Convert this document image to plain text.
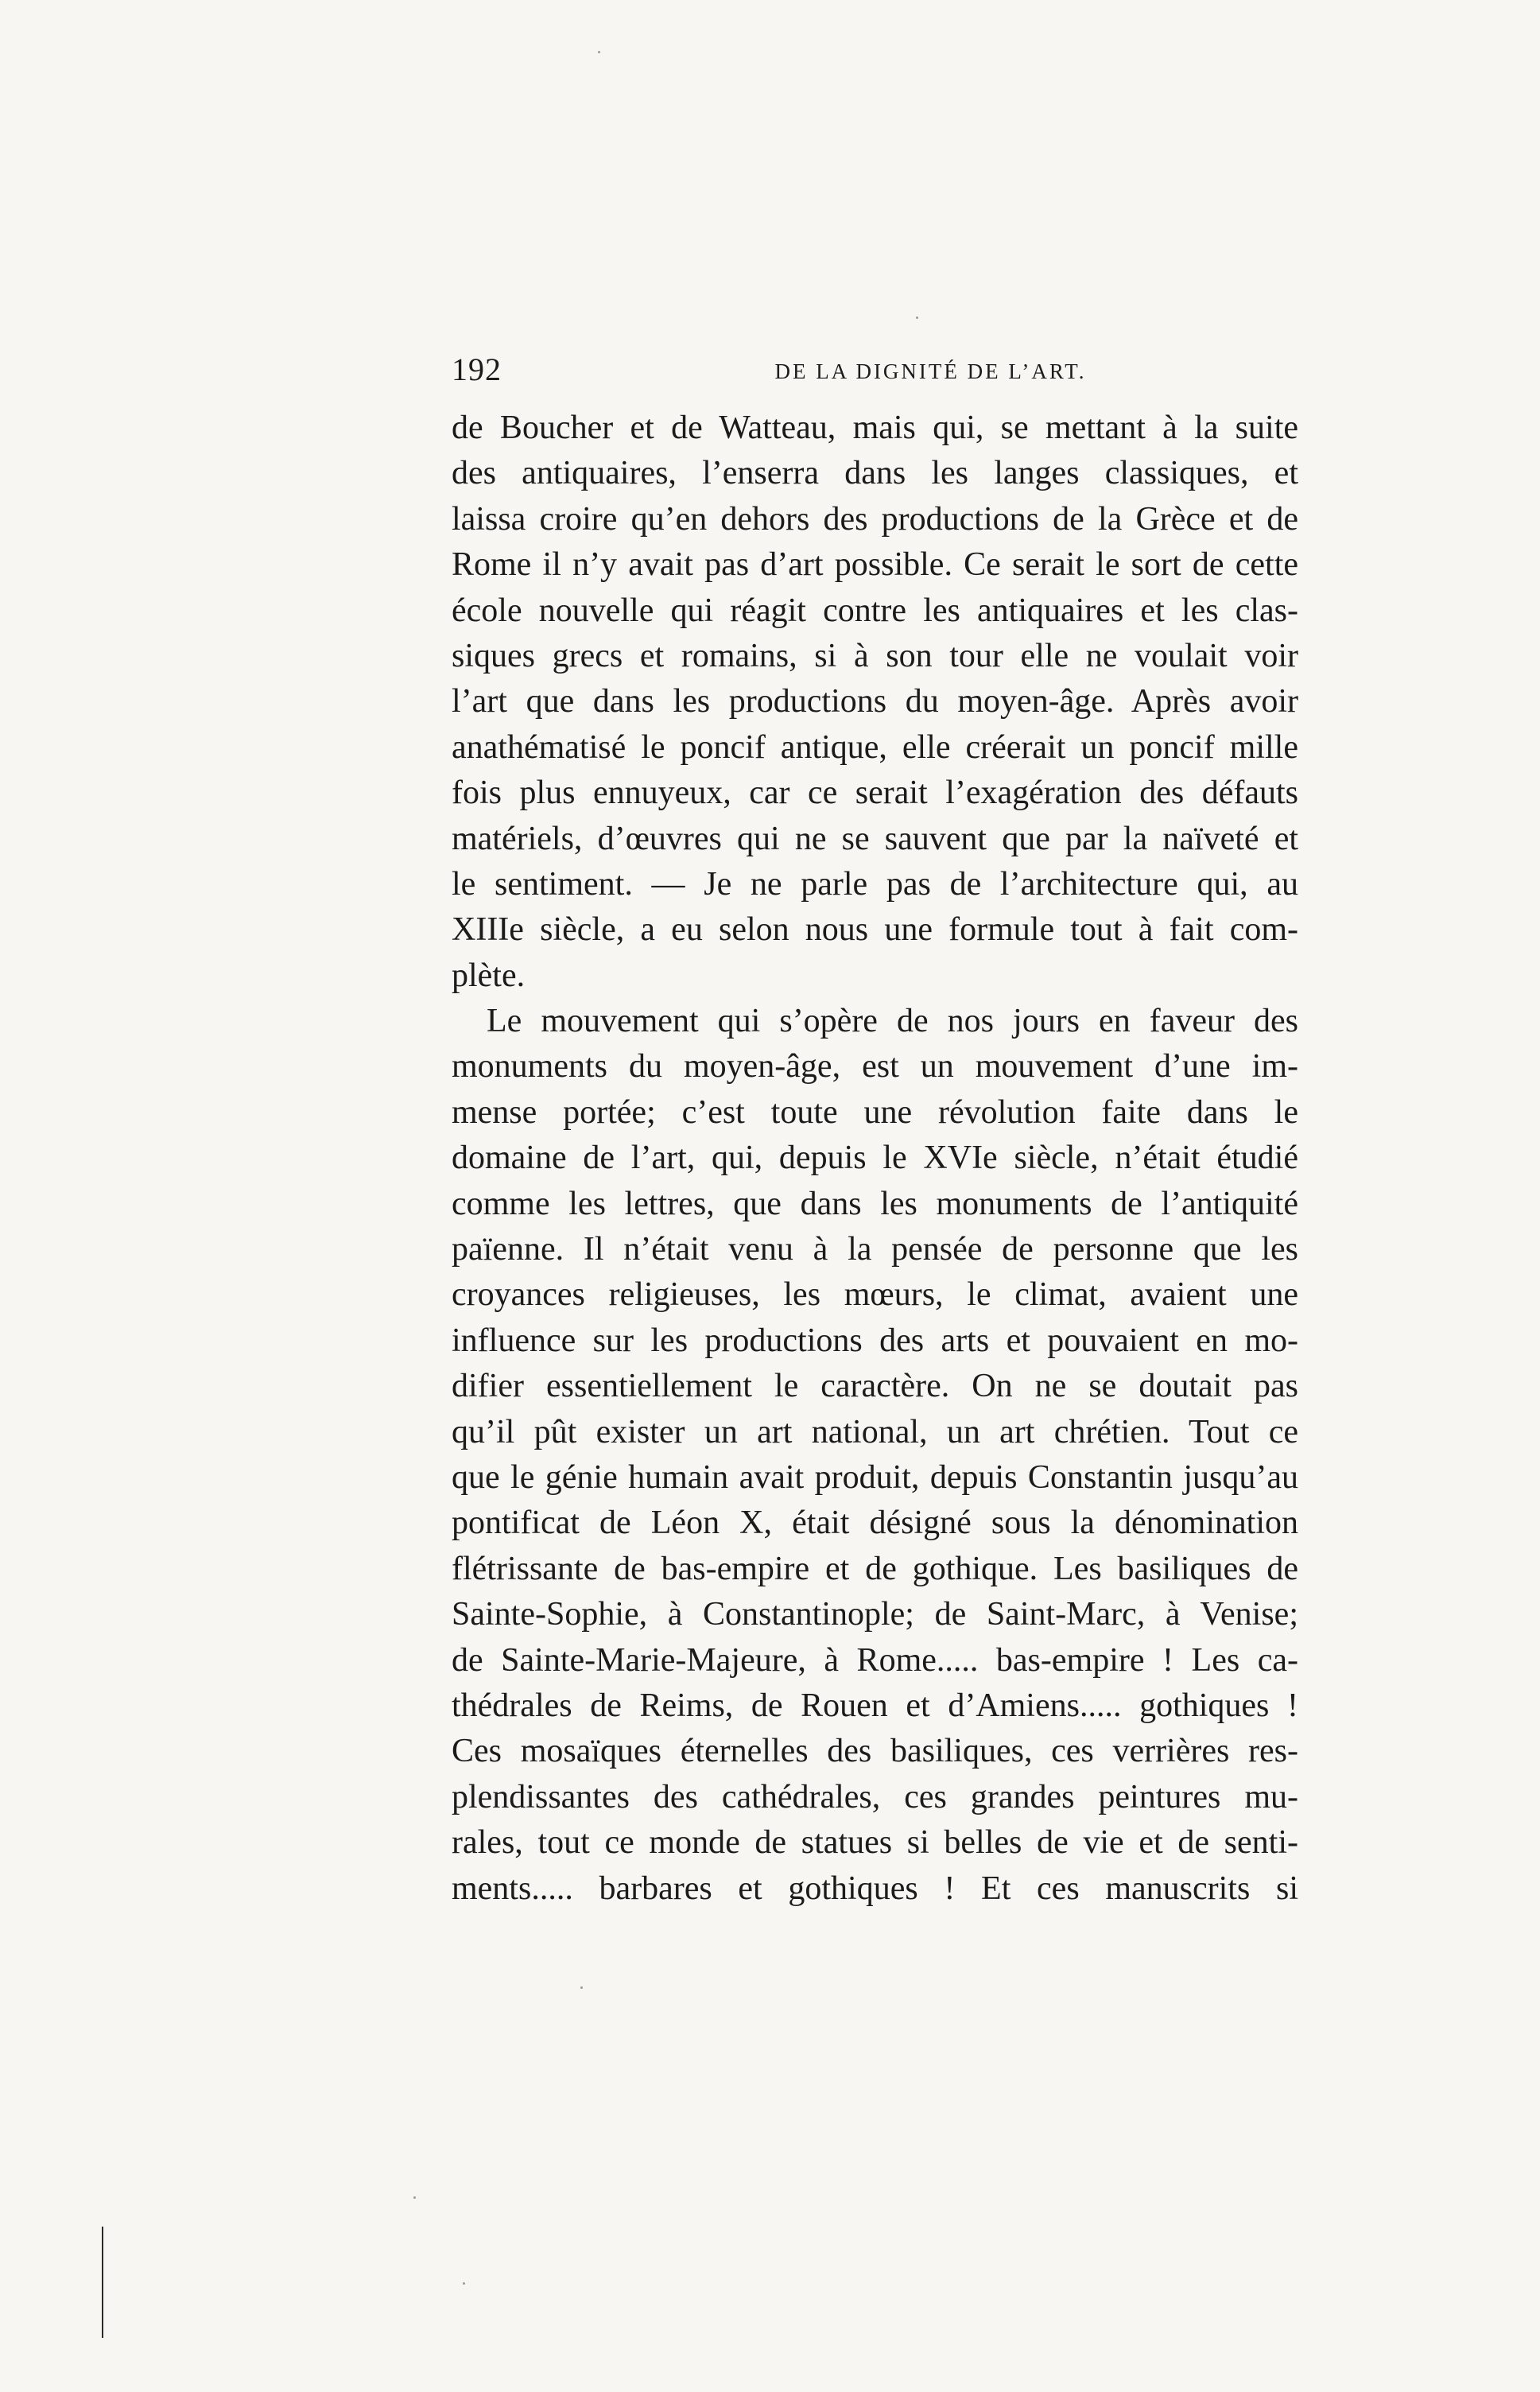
192	DE LA DIGNITÉ DE L’ART.
de Boucher et de Watteau, mais qui, se mettant à la suite
des antiquaires, l’enserra dans les langes classiques, et
laissa croire qu’en dehors des productions de la Grèce et de
Rome il n’y avait pas d’art possible. Ce serait le sort de cette
école nouvelle qui réagit contre les antiquaires et les clas-
siques grecs et romains, si à son tour elle ne voulait voir
l’art que dans les productions du moyen-âge. Après avoir
anathématisé le poncif antique, elle créerait un poncif mille
fois plus ennuyeux, car ce serait l’exagération des défauts
matériels, d’œuvres qui ne se sauvent que par la naïveté et
le sentiment. — Je ne parle pas de l’architecture qui, au
XIIIe siècle, a eu selon nous une formule tout à fait com-
plète.
Le mouvement qui s’opère de nos jours en faveur des
monuments du moyen-âge, est un mouvement d’une im-
mense portée; c’est toute une révolution faite dans le
domaine de l’art, qui, depuis le XVIe siècle, n’était étudié
comme les lettres, que dans les monuments de l’antiquité
païenne. Il n’était venu à la pensée de personne que les
croyances religieuses, les mœurs, le climat, avaient une
influence sur les productions des arts et pouvaient en mo-
difier essentiellement le caractère. On ne se doutait pas
qu’il pût exister un art national, un art chrétien. Tout ce
que le génie humain avait produit, depuis Constantin jusqu’au
pontificat de Léon X, était désigné sous la dénomination
flétrissante de bas-empire et de gothique. Les basiliques de
Sainte-Sophie, à Constantinople; de Saint-Marc, à Venise;
de Sainte-Marie-Majeure, à Rome..... bas-empire ! Les ca-
thédrales de Reims, de Rouen et d’Amiens..... gothiques !
Ces mosaïques éternelles des basiliques, ces verrières res-
plendissantes des cathédrales, ces grandes peintures mu-
rales, tout ce monde de statues si belles de vie et de senti-
ments..... barbares et gothiques ! Et ces manuscrits si
